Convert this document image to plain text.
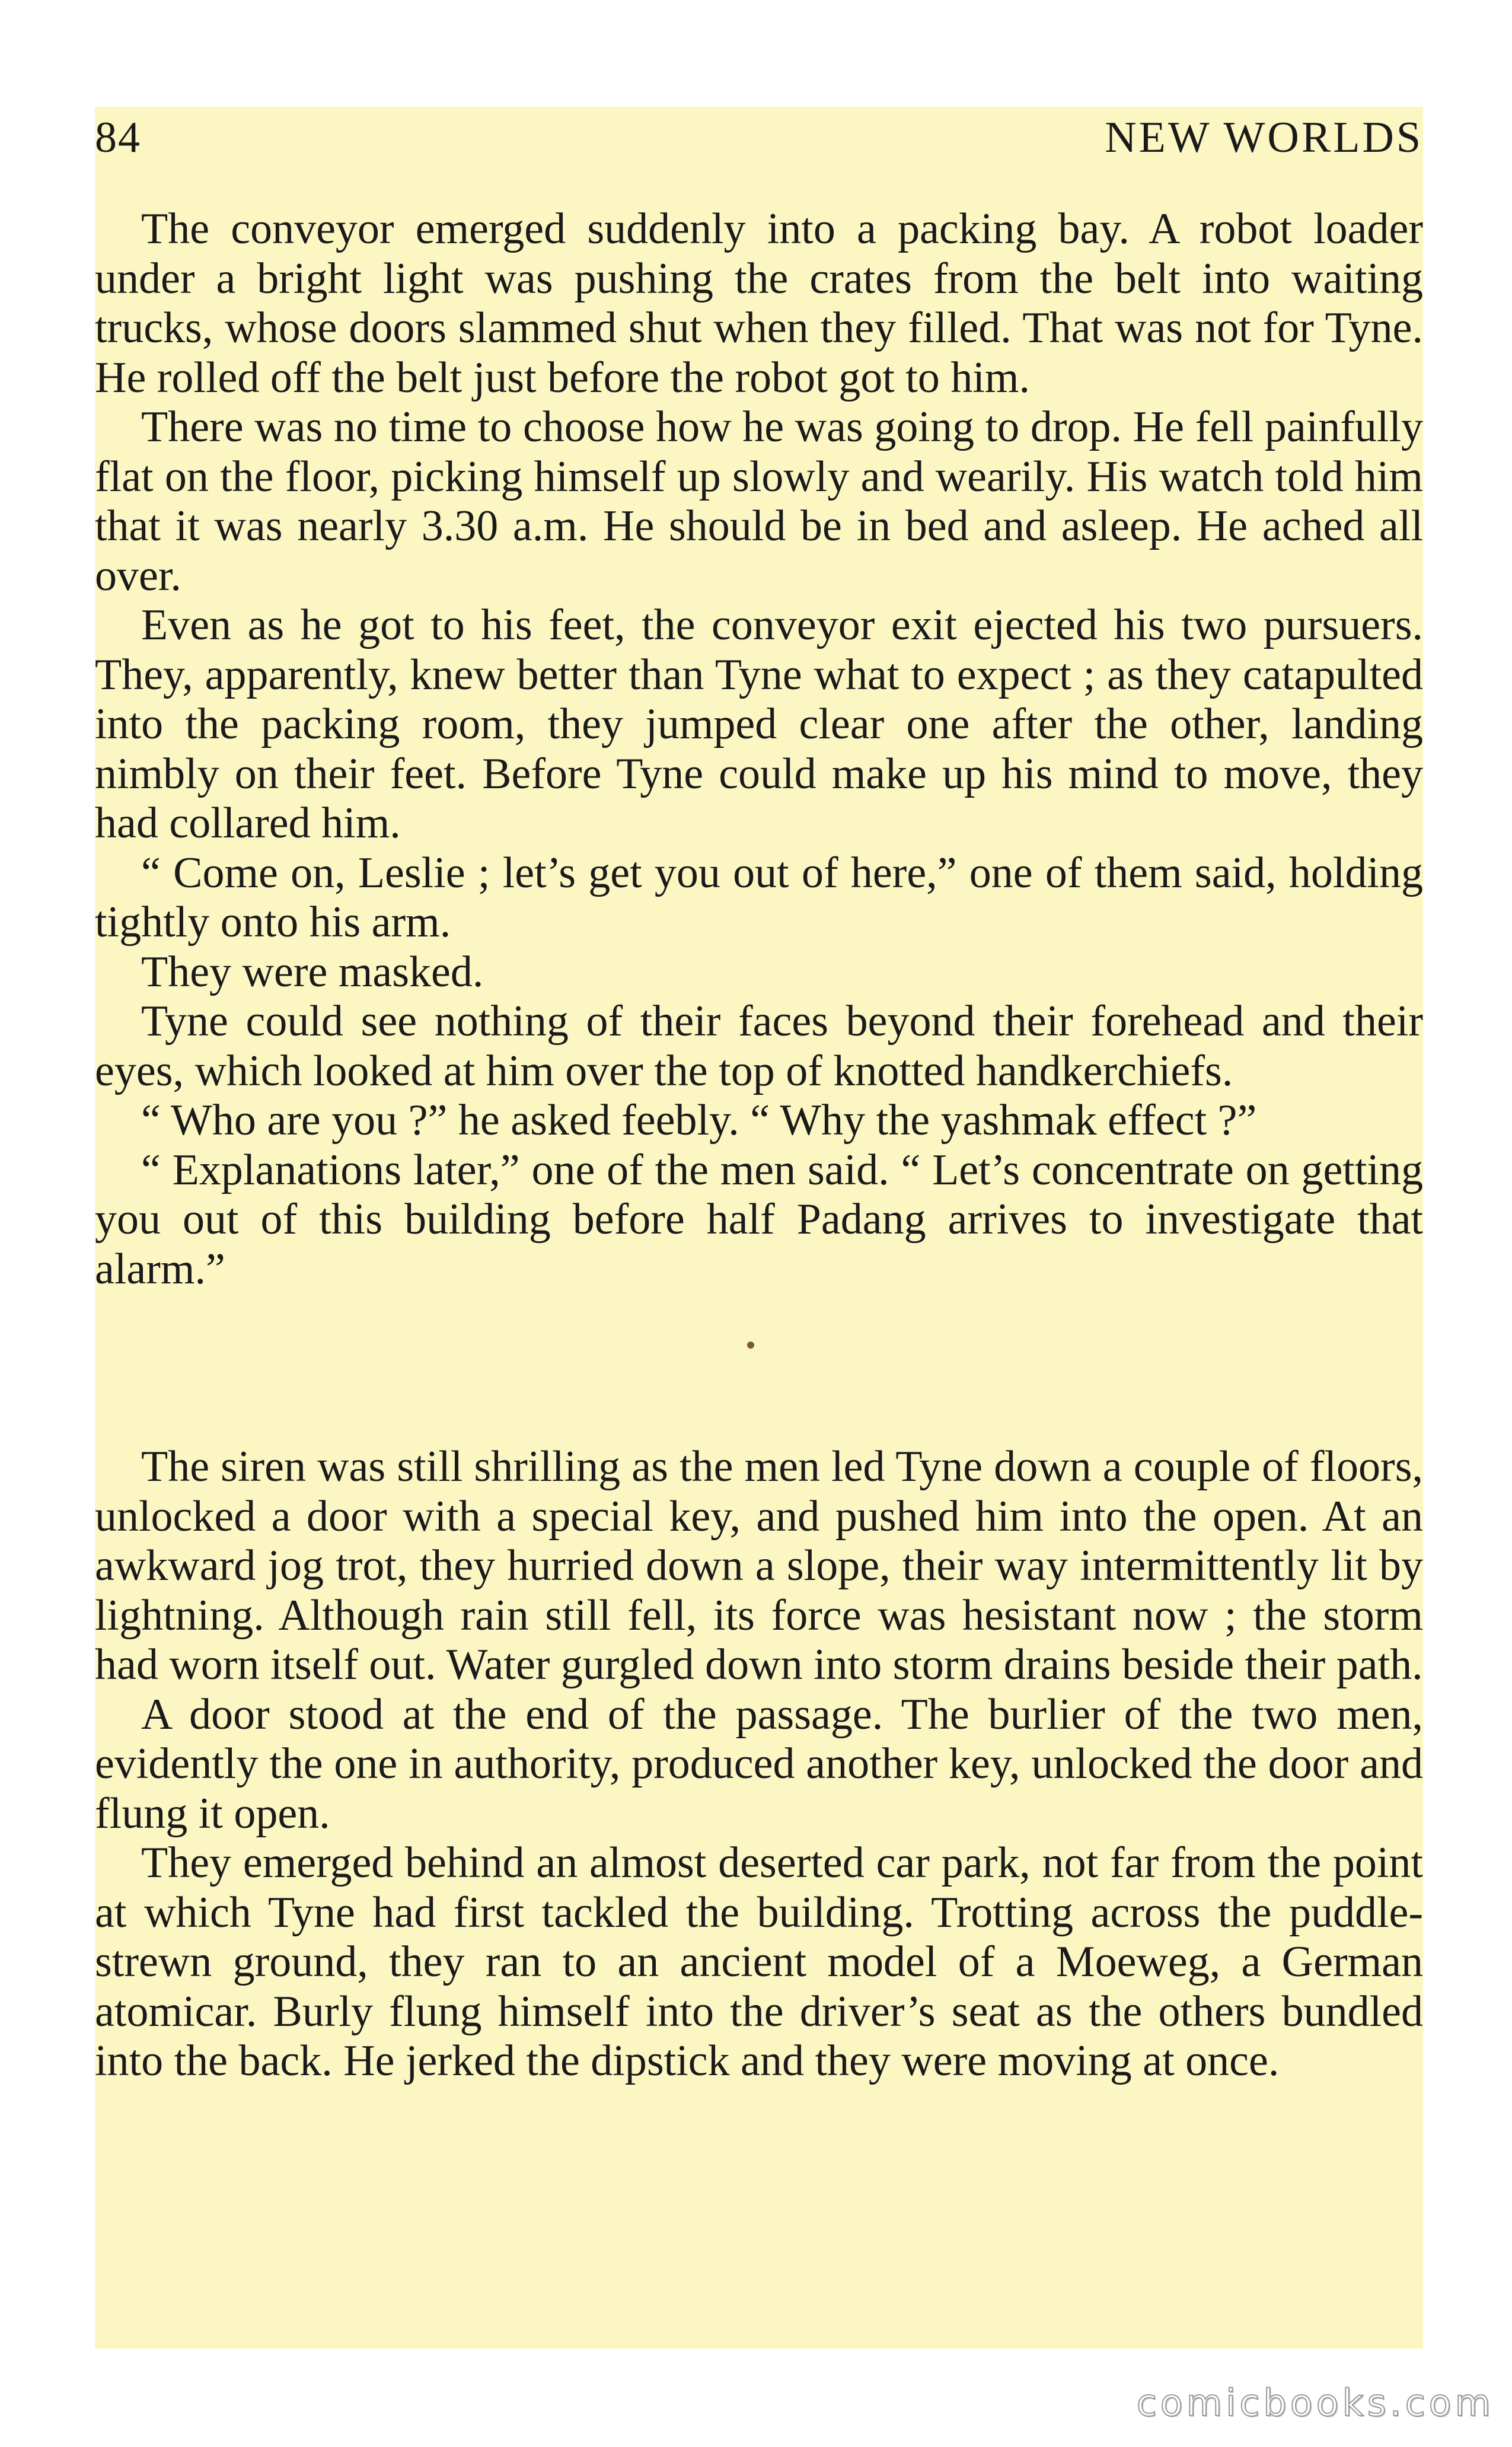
84	NEW WORLDS

The conveyor emerged suddenly into a packing bay. A robot loader under a bright light was pushing the crates from the belt into waiting trucks, whose doors slammed shut when they filled. That was not for Tyne. He rolled off the belt just before the robot got to him.

There was no time to choose how he was going to drop. He fell painfully flat on the floor, picking himself up slowly and wearily. His watch told him that it was nearly 3.30 a.m. He should be in bed and asleep. He ached all over.

Even as he got to his feet, the conveyor exit ejected his two pursuers. They, apparently, knew better than Tyne what to expect ; as they catapulted into the packing room, they jumped clear one after the other, landing nimbly on their feet. Before Tyne could make up his mind to move, they had collared him.

“ Come on, Leslie ; let’s get you out of here,” one of them said, holding tightly onto his arm.

They were masked.

Tyne could see nothing of their faces beyond their forehead and their eyes, which looked at him over the top of knotted handkerchiefs.

“ Who are you ?” he asked feebly. “ Why the yashmak effect ?”

“ Explanations later,” one of the men said. “ Let’s concentrate on getting you out of this building before half Padang arrives to investigate that alarm.”

The siren was still shrilling as the men led Tyne down a couple of floors, unlocked a door with a special key, and pushed him into the open. At an awkward jog trot, they hurried down a slope, their way intermittently lit by lightning. Although rain still fell, its force was hesistant now ; the storm had worn itself out. Water gurgled down into storm drains beside their path.

A door stood at the end of the passage. The burlier of the two men, evidently the one in authority, produced another key, unlocked the door and flung it open.

They emerged behind an almost deserted car park, not far from the point at which Tyne had first tackled the building. Trotting across the puddle-strewn ground, they ran to an ancient model of a Moeweg, a German atomicar. Burly flung himself into the driver’s seat as the others bundled into the back. He jerked the dipstick and they were moving at once.

comicbooks.com
